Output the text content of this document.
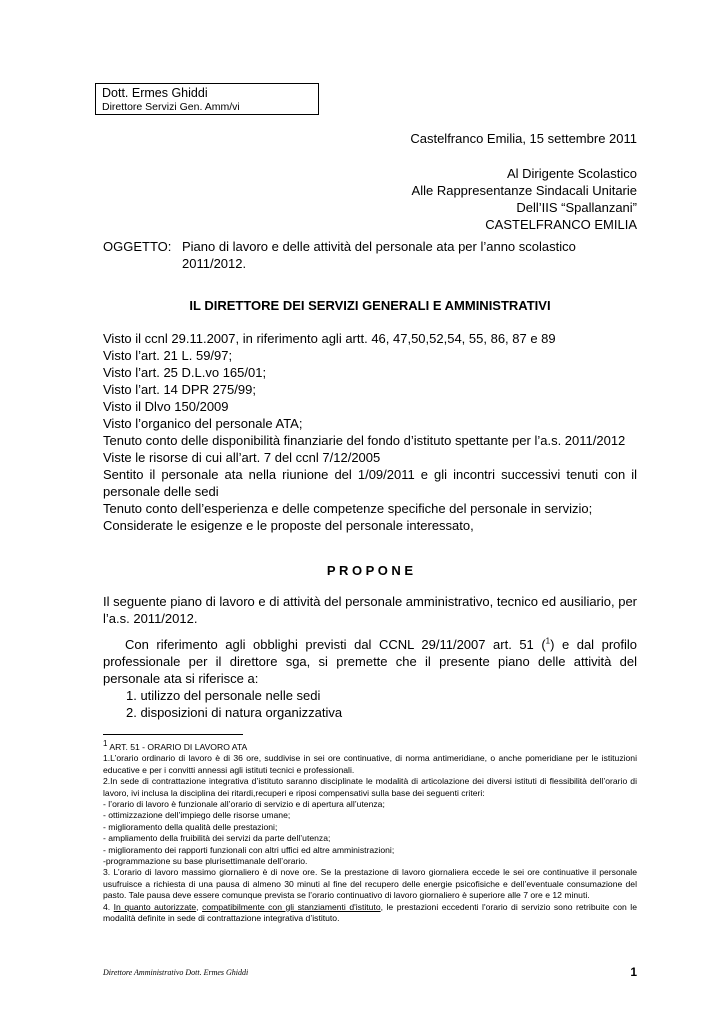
Dott. Ermes Ghiddi
Direttore Servizi Gen. Amm/vi
Castelfranco Emilia, 15 settembre 2011
Al Dirigente Scolastico
Alle Rappresentanze Sindacali Unitarie
Dell’IIS “Spallanzani”
CASTELFRANCO EMILIA
OGGETTO: Piano di lavoro e delle attività del personale ata per l’anno scolastico
2011/2012.
IL DIRETTORE DEI SERVIZI GENERALI E AMMINISTRATIVI
Visto il ccnl 29.11.2007, in riferimento agli artt. 46, 47,50,52,54, 55, 86, 87 e 89
Visto l’art. 21 L. 59/97;
Visto l’art. 25 D.L.vo 165/01;
Visto l’art. 14 DPR 275/99;
Visto il Dlvo 150/2009
Visto l’organico del personale ATA;
Tenuto conto delle disponibilità finanziarie del fondo d’istituto spettante per l’a.s. 2011/2012
Viste le risorse di cui all’art. 7 del ccnl 7/12/2005
Sentito il personale ata nella riunione del 1/09/2011 e gli incontri successivi tenuti con il personale delle sedi
Tenuto conto dell’esperienza e delle competenze specifiche del personale in servizio;
Considerate le esigenze e le proposte del personale interessato,
P R O P O N E
Il seguente piano di lavoro e di attività del personale amministrativo, tecnico ed ausiliario, per l’a.s. 2011/2012.
Con riferimento agli obblighi previsti dal CCNL 29/11/2007 art. 51 ($^1$) e dal profilo professionale per il direttore sga, si premette che il presente piano delle attività del personale ata si riferisce a:
1. utilizzo del personale nelle sedi
2. disposizioni di natura organizzativa
1 ART. 51 - ORARIO DI LAVORO ATA
1.L’orario ordinario di lavoro è di 36 ore, suddivise in sei ore continuative, di norma antimeridiane, o anche pomeridiane per le istituzioni educative e per i convitti annessi agli istituti tecnici e professionali.
2.In sede di contrattazione integrativa d’istituto saranno disciplinate le modalità di articolazione dei diversi istituti di flessibilità dell’orario di lavoro, ivi inclusa la disciplina dei ritardi,recuperi e riposi compensativi sulla base dei seguenti criteri:
- l’orario di lavoro è funzionale all’orario di servizio e di apertura all’utenza;
- ottimizzazione dell’impiego delle risorse umane;
- miglioramento della qualità delle prestazioni;
- ampliamento della fruibilità dei servizi da parte dell’utenza;
- miglioramento dei rapporti funzionali con altri uffici ed altre amministrazioni;
-programmazione su base plurisettimanale dell’orario.
3. L’orario di lavoro massimo giornaliero è di nove ore. Se la prestazione di lavoro giornaliera eccede le sei ore continuative il personale usufruisce a richiesta di una pausa di almeno 30 minuti al fine del recupero delle energie psicofisiche e dell’eventuale consumazione del pasto. Tale pausa deve essere comunque prevista se l’orario continuativo di lavoro giornaliero è superiore alle 7 ore e 12 minuti.
4. In quanto autorizzate, compatibilmente con gli stanziamenti d'istituto, le prestazioni eccedenti l'orario di servizio sono retribuite con le modalità definite in sede di contrattazione integrativa d’istituto.
Direttore Amministrativo Dott. Ermes Ghiddi	1
